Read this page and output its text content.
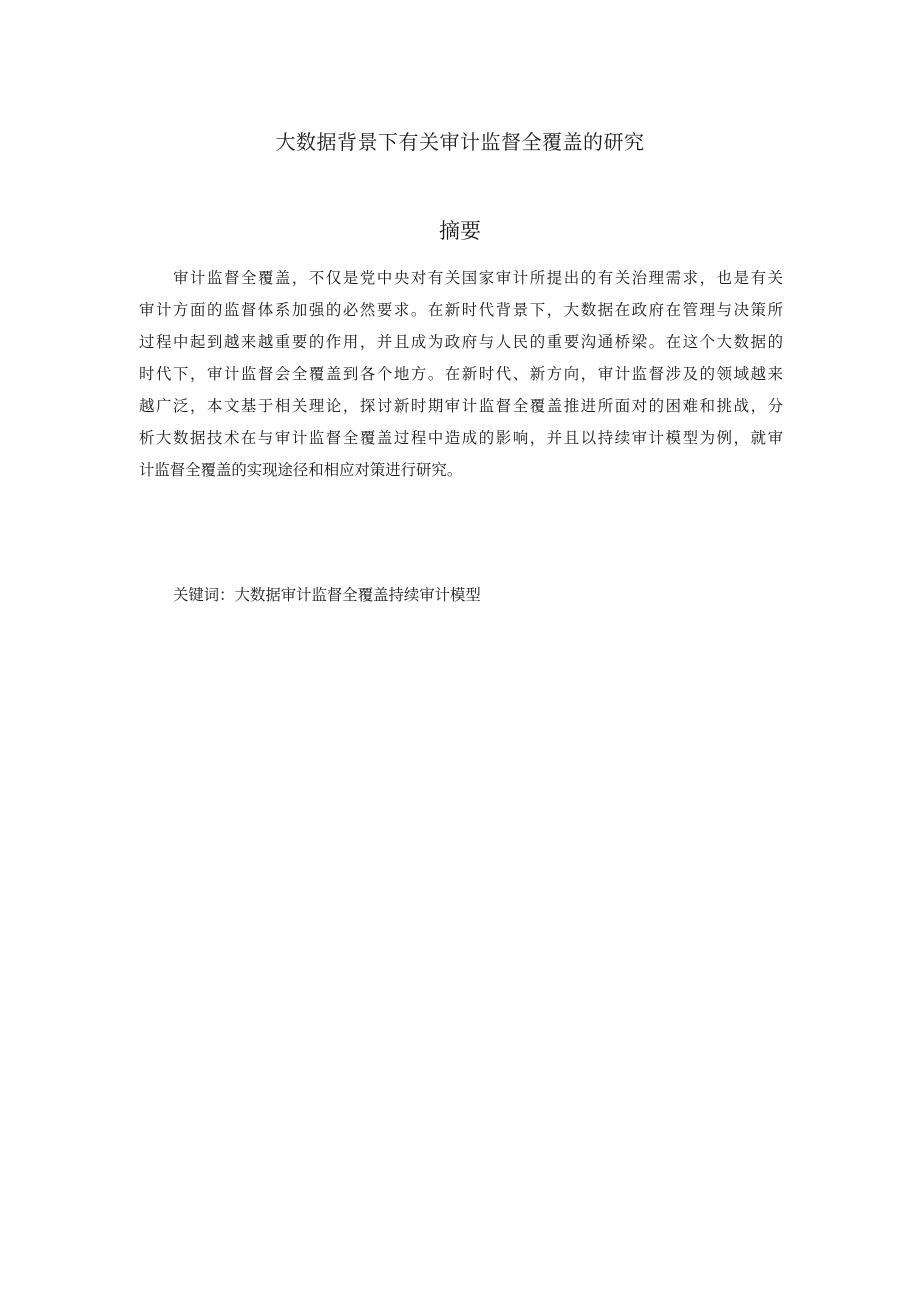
大数据背景下有关审计监督全覆盖的研究
摘要

审计监督全覆盖，不仅是党中央对有关国家审计所提出的有关治理需求，也是有关
审计方面的监督体系加强的必然要求。在新时代背景下，大数据在政府在管理与决策所
过程中起到越来越重要的作用，并且成为政府与人民的重要沟通桥梁。在这个大数据的
时代下，审计监督会全覆盖到各个地方。在新时代、新方向，审计监督涉及的领域越来
越广泛，本文基于相关理论，探讨新时期审计监督全覆盖推进所面对的困难和挑战，分
析大数据技术在与审计监督全覆盖过程中造成的影响，并且以持续审计模型为例，就审
计监督全覆盖的实现途径和相应对策进行研究。

关键词：大数据审计监督全覆盖持续审计模型
